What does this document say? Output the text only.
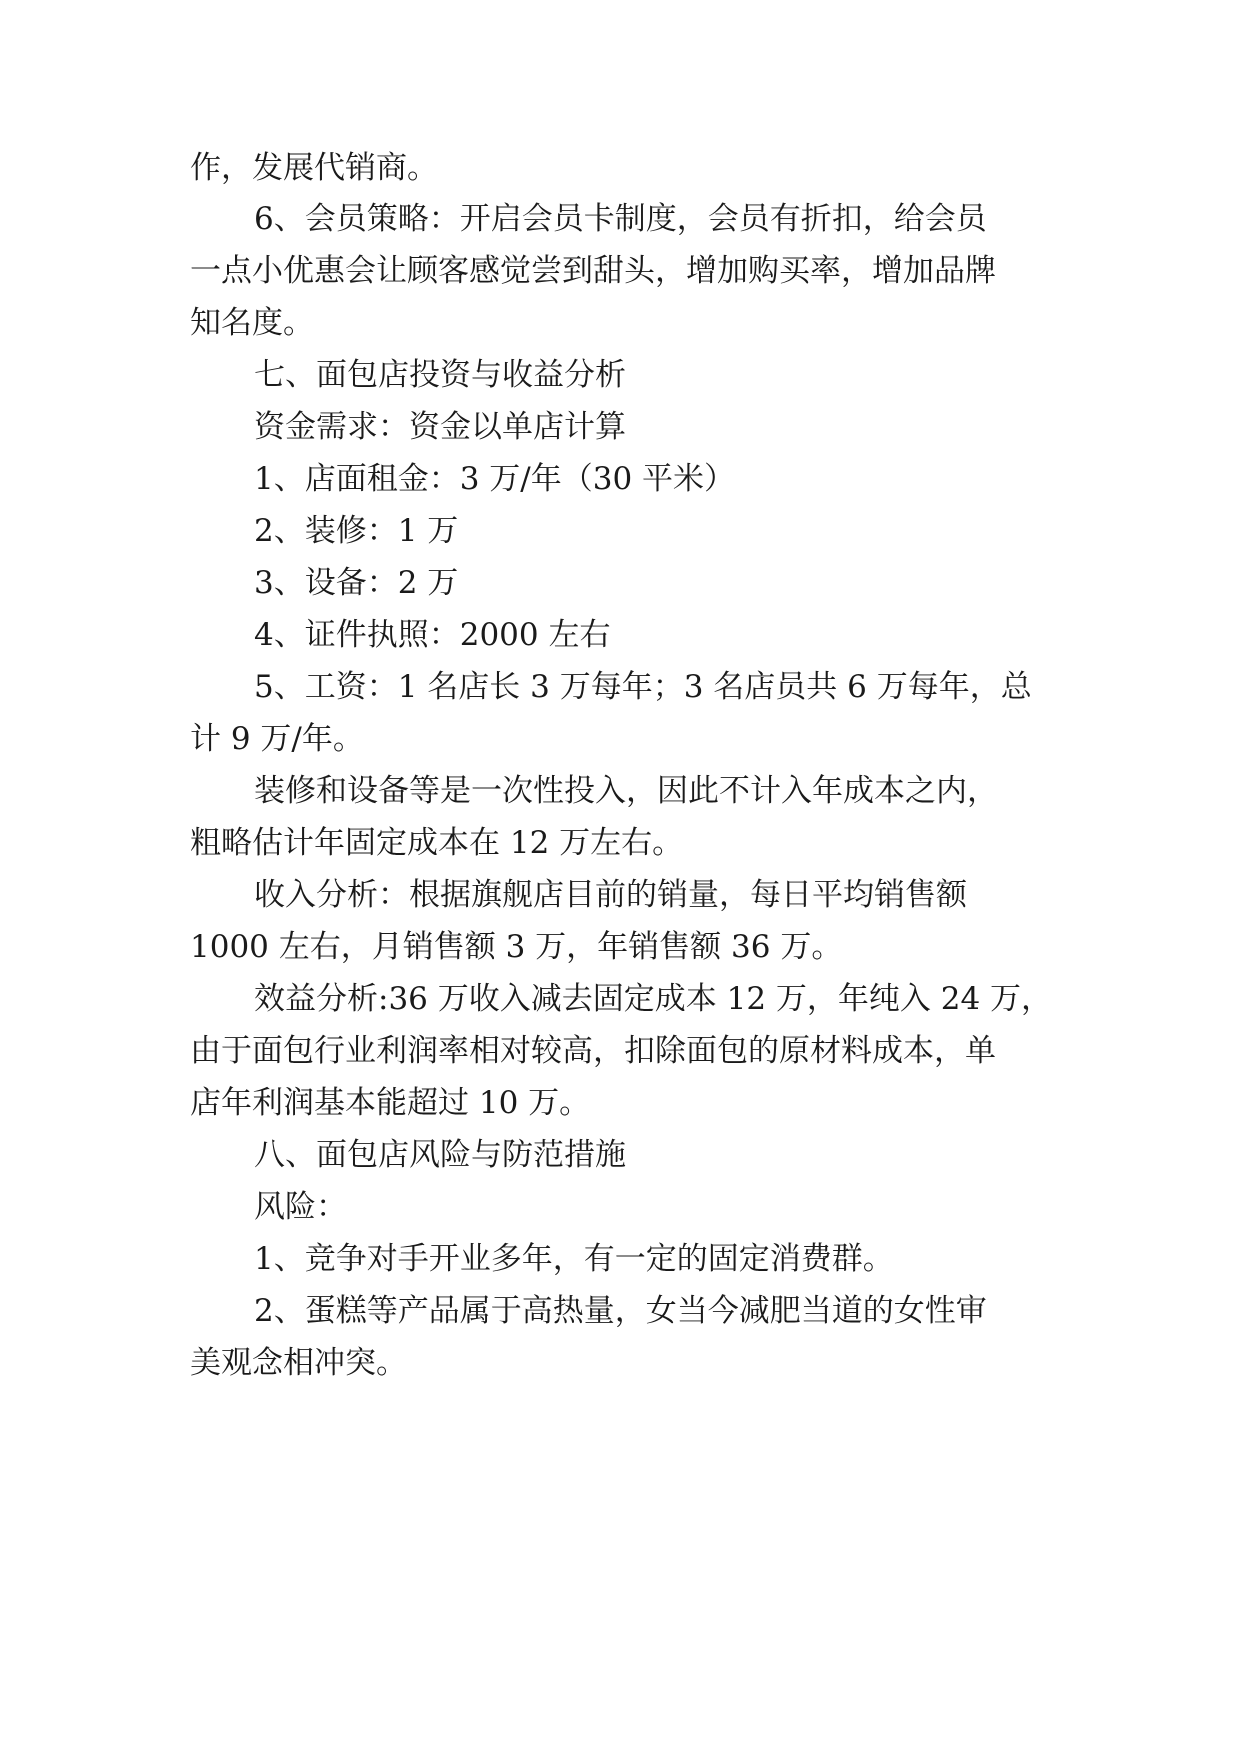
作，发展代销商。
6、会员策略：开启会员卡制度，会员有折扣，给会员
一点小优惠会让顾客感觉尝到甜头，增加购买率，增加品牌
知名度。
七、面包店投资与收益分析
资金需求：资金以单店计算
1、店面租金：3 万/年（30 平米）
2、装修：1 万
3、设备：2 万
4、证件执照：2000 左右
5、工资：1 名店长 3 万每年；3 名店员共 6 万每年，总
计 9 万/年。
装修和设备等是一次性投入，因此不计入年成本之内，
粗略估计年固定成本在 12 万左右。
收入分析：根据旗舰店目前的销量，每日平均销售额
1000 左右，月销售额 3 万，年销售额 36 万。
效益分析:36 万收入减去固定成本 12 万，年纯入 24 万，
由于面包行业利润率相对较高，扣除面包的原材料成本，单
店年利润基本能超过 10 万。
八、面包店风险与防范措施
风险：
1、竞争对手开业多年，有一定的固定消费群。
2、蛋糕等产品属于高热量，女当今减肥当道的女性审
美观念相冲突。
